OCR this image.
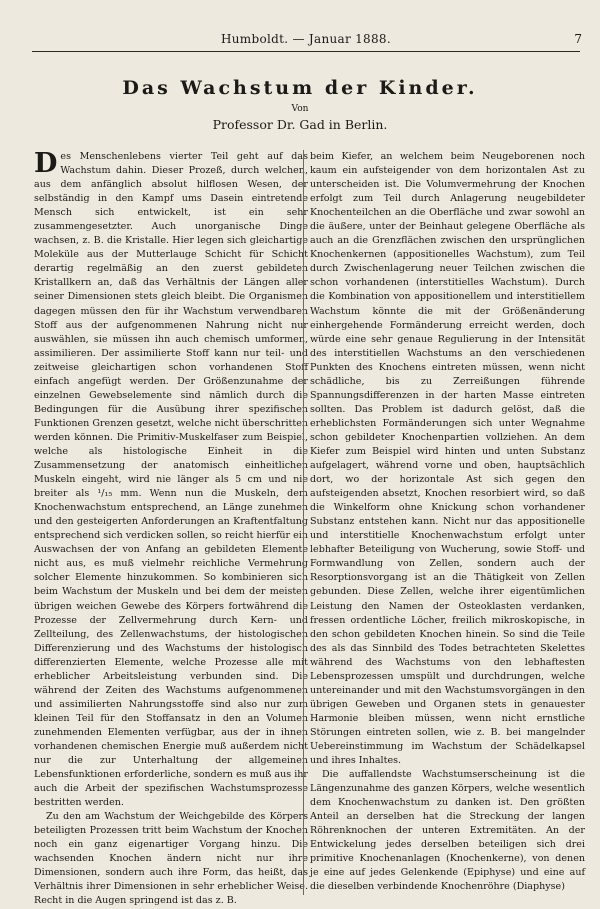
Humboldt. — Januar 1888.	7
Das Wachstum der Kinder.
Von
Professor Dr. Gad in Berlin.

Des Menschenlebens vierter Teil geht auf das Wachstum dahin. Dieser Prozeß, durch welchen, aus dem anfänglich absolut hilflosen Wesen, der selbständig in den Kampf ums Dasein eintretende Mensch sich entwickelt, ist ein sehr zusammengesetzter. Auch unorganische Dinge wachsen, z. B. die Kristalle. Hier legen sich gleichartige Moleküle aus der Mutterlauge Schicht für Schicht derartig regelmäßig an den zuerst gebildeten Kristallkern an, daß das Verhältnis der Längen aller seiner Dimensionen stets gleich bleibt. Die Organismen dagegen müssen den für ihr Wachstum verwendbaren Stoff aus der aufgenommenen Nahrung nicht nur auswählen, sie müssen ihn auch chemisch umformen, assimilieren. Der assimilierte Stoff kann nur teil- und zeitweise gleichartigen schon vorhandenen Stoff einfach angefügt werden. Der Größenzunahme der einzelnen Gewebselemente sind nämlich durch die Bedingungen für die Ausübung ihrer spezifischen Funktionen Grenzen gesetzt, welche nicht überschritten werden können. Die Primitiv-Muskelfaser zum Beispiel, welche als histologische Einheit in die Zusammensetzung der anatomisch einheitlichen Muskeln eingeht, wird nie länger als 5 cm und nie breiter als ¹/₁₅ mm. Wenn nun die Muskeln, dem Knochenwachstum entsprechend, an Länge zunehmen und den gesteigerten Anforderungen an Kraftentfaltung entsprechend sich verdicken sollen, so reicht hierfür ein Auswachsen der von Anfang an gebildeten Elemente nicht aus, es muß vielmehr reichliche Vermehrung solcher Elemente hinzukommen. So kombinieren sich beim Wachstum der Muskeln und bei dem der meisten übrigen weichen Gewebe des Körpers fortwährend die Prozesse der Zellvermehrung durch Kern- und Zellteilung, des Zellenwachstums, der histologischen Differenzierung und des Wachstums der histologisch differenzierten Elemente, welche Prozesse alle mit erheblicher Arbeitsleistung verbunden sind. Die während der Zeiten des Wachstums aufgenommenen und assimilierten Nahrungsstoffe sind also nur zum kleinen Teil für den Stoffansatz in den an Volumen zunehmenden Elementen verfügbar, aus der in ihnen vorhandenen chemischen Energie muß außerdem nicht nur die zur Unterhaltung der allgemeinen Lebensfunktionen erforderliche, sondern es muß aus ihr auch die Arbeit der spezifischen Wachstumsprozesse bestritten werden.

Zu den am Wachstum der Weichgebilde des Körpers beteiligten Prozessen tritt beim Wachstum der Knochen noch ein ganz eigenartiger Vorgang hinzu. Die wachsenden Knochen ändern nicht nur ihre Dimensionen, sondern auch ihre Form, das heißt, das Verhältnis ihrer Dimensionen in sehr erheblicher Weise. Recht in die Augen springend ist das z. B.

beim Kiefer, an welchem beim Neugeborenen noch kaum ein aufsteigender von dem horizontalen Ast zu unterscheiden ist. Die Volumvermehrung der Knochen erfolgt zum Teil durch Anlagerung neugebildeter Knochenteilchen an die Oberfläche und zwar sowohl an die äußere, unter der Beinhaut gelegene Oberfläche als auch an die Grenzflächen zwischen den ursprünglichen Knochenkernen (appositionelles Wachstum), zum Teil durch Zwischenlagerung neuer Teilchen zwischen die schon vorhandenen (interstitielles Wachstum). Durch die Kombination von appositionellem und interstitiellem Wachstum könnte die mit der Größenänderung einhergehende Formänderung erreicht werden, doch würde eine sehr genaue Regulierung in der Intensität des interstitiellen Wachstums an den verschiedenen Punkten des Knochens eintreten müssen, wenn nicht schädliche, bis zu Zerreißungen führende Spannungsdifferenzen in der harten Masse eintreten sollten. Das Problem ist dadurch gelöst, daß die erheblichsten Formänderungen sich unter Wegnahme schon gebildeter Knochenpartien vollziehen. An dem Kiefer zum Beispiel wird hinten und unten Substanz aufgelagert, während vorne und oben, hauptsächlich dort, wo der horizontale Ast sich gegen den aufsteigenden absetzt, Knochen resorbiert wird, so daß die Winkelform ohne Knickung schon vorhandener Substanz entstehen kann. Nicht nur das appositionelle und interstitielle Knochenwachstum erfolgt unter lebhafter Beteiligung von Wucherung, sowie Stoff- und Formwandlung von Zellen, sondern auch der Resorptionsvorgang ist an die Thätigkeit von Zellen gebunden. Diese Zellen, welche ihrer eigentümlichen Leistung den Namen der Osteoklasten verdanken, fressen ordentliche Löcher, freilich mikroskopische, in den schon gebildeten Knochen hinein. So sind die Teile des als das Sinnbild des Todes betrachteten Skelettes während des Wachstums von den lebhaftesten Lebensprozessen umspült und durchdrungen, welche untereinander und mit den Wachstumsvorgängen in den übrigen Geweben und Organen stets in genauester Harmonie bleiben müssen, wenn nicht ernstliche Störungen eintreten sollen, wie z. B. bei mangelnder Uebereinstimmung im Wachstum der Schädelkapsel und ihres Inhaltes.

Die auffallendste Wachstumserscheinung ist die Längenzunahme des ganzen Körpers, welche wesentlich dem Knochenwachstum zu danken ist. Den größten Anteil an derselben hat die Streckung der langen Röhrenknochen der unteren Extremitäten. An der Entwickelung jedes derselben beteiligen sich drei primitive Knochenanlagen (Knochenkerne), von denen je eine auf jedes Gelenkende (Epiphyse) und eine auf die dieselben verbindende Knochenröhre (Diaphyse)
